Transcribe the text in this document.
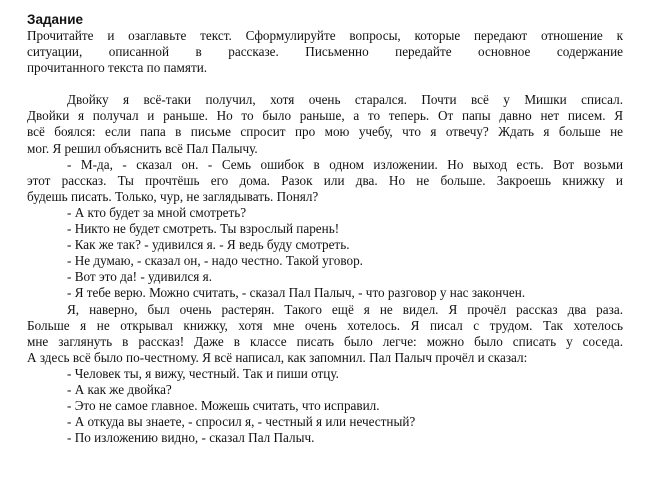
Задание

Прочитайте и озаглавьте текст. Сформулируйте вопросы, которые передают отношение к
ситуации, описанной в рассказе. Письменно передайте основное содержание
прочитанного текста по памяти.
Двойку я всё-таки получил, хотя очень старался. Почти всё у Мишки списал.
Двойки я получал и раньше. Но то было раньше, а то теперь. От папы давно нет писем. Я
всё боялся: если папа в письме спросит про мою учебу, что я отвечу? Ждать я больше не
мог. Я решил объяснить всё Пал Палычу.
- М-да, - сказал он. - Семь ошибок в одном изложении. Но выход есть. Вот возьми
этот рассказ. Ты прочтёшь его дома. Разок или два. Но не больше. Закроешь книжку и
будешь писать. Только, чур, не заглядывать. Понял?
- А кто будет за мной смотреть?
- Никто не будет смотреть. Ты взрослый парень!
- Как же так? - удивился я. - Я ведь буду смотреть.
- Не думаю, - сказал он, - надо честно. Такой уговор.
- Вот это да! - удивился я.
- Я тебе верю. Можно считать, - сказал Пал Палыч, - что разговор у нас закончен.
Я, наверно, был очень растерян. Такого ещё я не видел. Я прочёл рассказ два раза.
Больше я не открывал книжку, хотя мне очень хотелось. Я писал с трудом. Так хотелось
мне заглянуть в рассказ! Даже в классе писать было легче: можно было списать у соседа.
А здесь всё было по-честному. Я всё написал, как запомнил. Пал Палыч прочёл и сказал:
- Человек ты, я вижу, честный. Так и пиши отцу.
- А как же двойка?
- Это не самое главное. Можешь считать, что исправил.
- А откуда вы знаете, - спросил я, - честный я или нечестный?
- По изложению видно, - сказал Пал Палыч.
